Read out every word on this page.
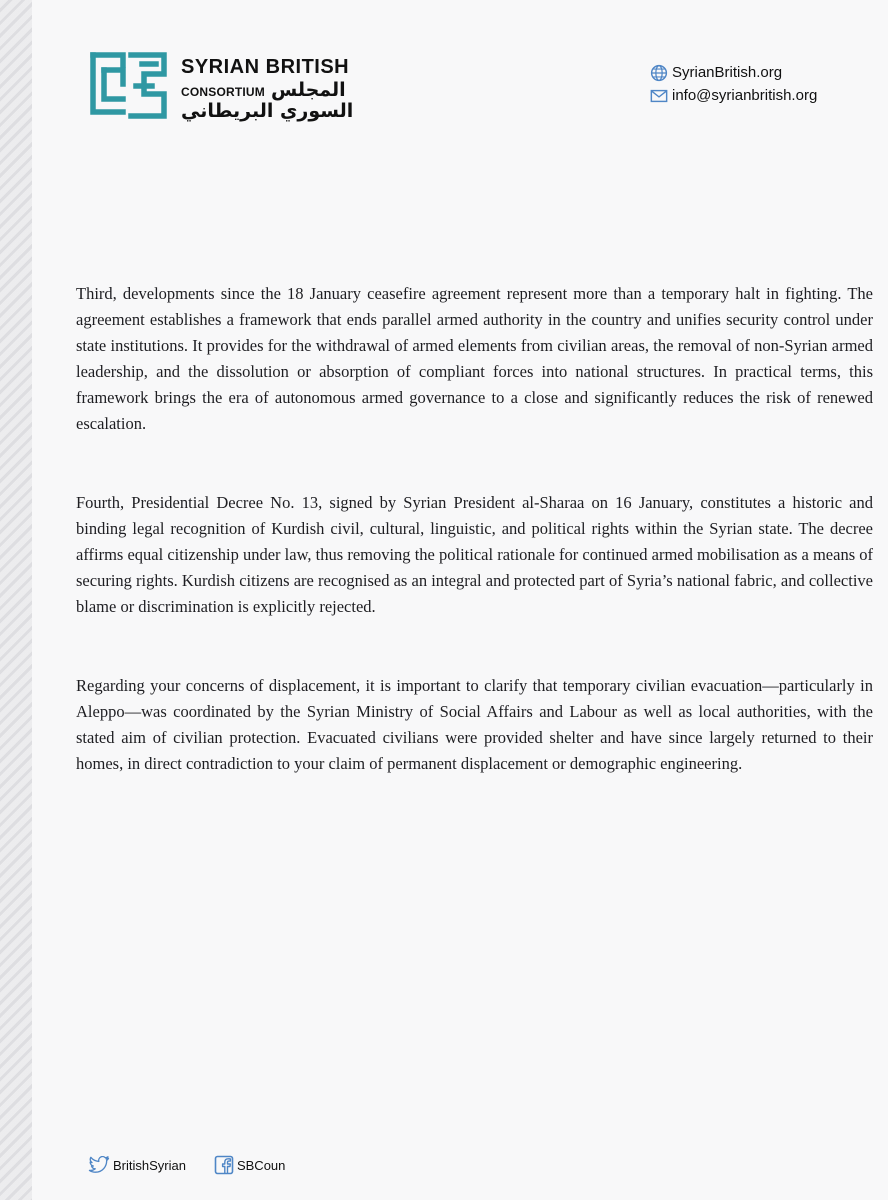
SYRIAN BRITISH
CONSORTIUM المجلس
السوري البريطاني
SyrianBritish.org
info@syrianbritish.org

Third, developments since the 18 January ceasefire agreement represent more than a temporary halt in fighting. The agreement establishes a framework that ends parallel armed authority in the country and unifies security control under state institutions. It provides for the withdrawal of armed elements from civilian areas, the removal of non-Syrian armed leadership, and the dissolution or absorption of compliant forces into national structures. In practical terms, this framework brings the era of autonomous armed governance to a close and significantly reduces the risk of renewed escalation.

Fourth, Presidential Decree No. 13, signed by Syrian President al-Sharaa on 16 January, constitutes a historic and binding legal recognition of Kurdish civil, cultural, linguistic, and political rights within the Syrian state. The decree affirms equal citizenship under law, thus removing the political rationale for continued armed mobilisation as a means of securing rights. Kurdish citizens are recognised as an integral and protected part of Syria’s national fabric, and collective blame or discrimination is explicitly rejected.

Regarding your concerns of displacement, it is important to clarify that temporary civilian evacuation—particularly in Aleppo—was coordinated by the Syrian Ministry of Social Affairs and Labour as well as local authorities, with the stated aim of civilian protection. Evacuated civilians were provided shelter and have since largely returned to their homes, in direct contradiction to your claim of permanent displacement or demographic engineering.

BritishSyrian	SBCoun
